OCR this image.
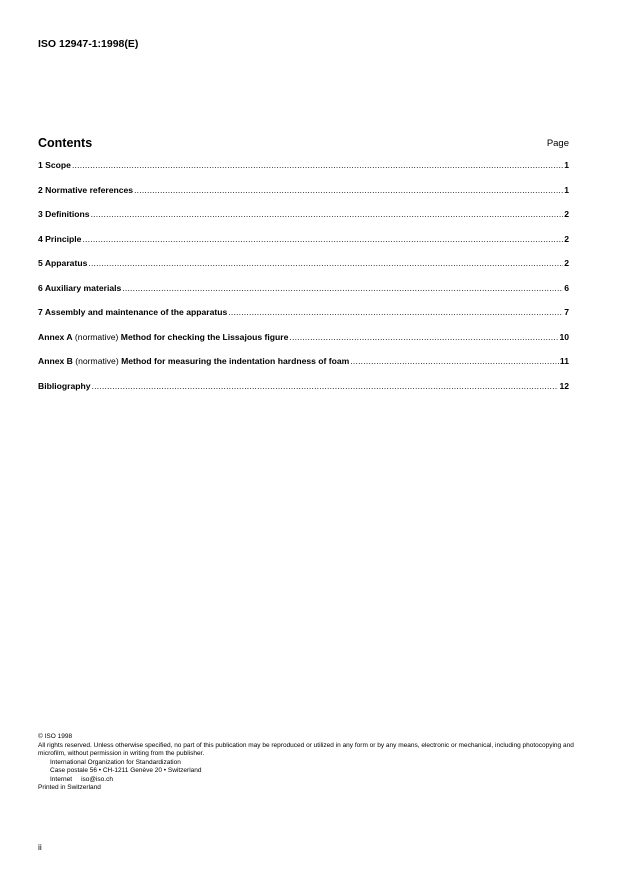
ISO 12947-1:1998(E)
Contents	Page
1 Scope .....	1
2 Normative references .....	1
3 Definitions .....	2
4 Principle .....	2
5 Apparatus .....	2
6 Auxiliary materials .....	6
7 Assembly and maintenance of the apparatus .....	7
Annex A (normative) Method for checking the Lissajous figure .....	10
Annex B (normative) Method for measuring the indentation hardness of foam .....	11
Bibliography .....	12

© ISO 1998

All rights reserved. Unless otherwise specified, no part of this publication may be reproduced or utilized in any form or by any means, electronic or mechanical, including photocopying and microfilm, without permission in writing from the publisher.

International Organization for Standardization

Case postale 56 • CH-1211 Genève 20 • Switzerland

Internet     iso@iso.ch

Printed in Switzerland

ii
